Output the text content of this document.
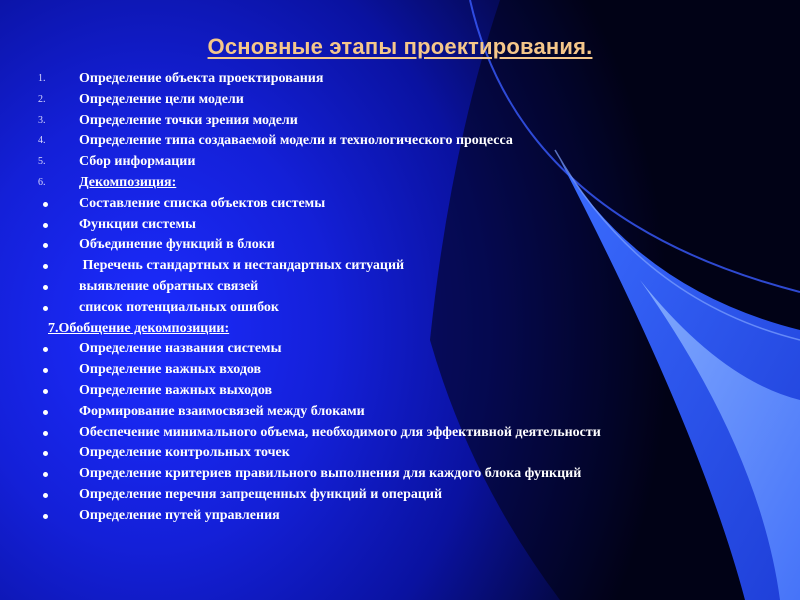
Основные этапы проектирования.
1.	Определение объекта проектирования
2.	Определение цели модели
3.	Определение точки зрения модели
4.	Определение типа создаваемой модели и технологического процесса
5.	Сбор информации
6.	Декомпозиция:
Составление списка объектов системы
Функции системы
Объединение функций в блоки
Перечень стандартных и нестандартных ситуаций
выявление обратных связей
список потенциальных ошибок
7.Обобщение декомпозиции:
Определение названия системы
Определение важных входов
Определение важных выходов
Формирование взаимосвязей между блоками
Обеспечение минимального объема, необходимого для эффективной деятельности
Определение контрольных точек
Определение критериев правильного выполнения для каждого блока функций
Определение перечня запрещенных функций и операций
Определение путей управления
